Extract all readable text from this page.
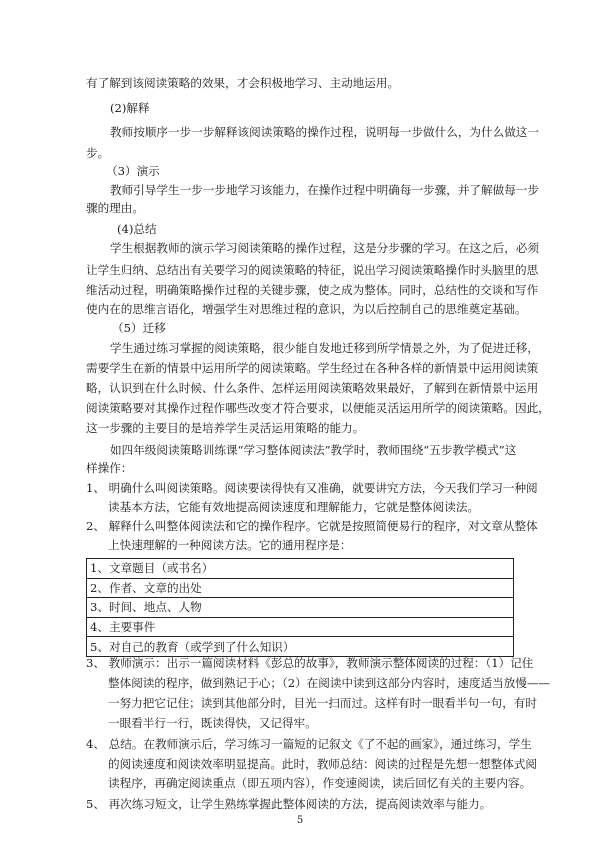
有了解到该阅读策略的效果，才会积极地学习、主动地运用。
(2)解释
教师按顺序一步一步解释该阅读策略的操作过程，说明每一步做什么，为什么做这一
步。
（3）演示
教师引导学生一步一步地学习该能力，在操作过程中明确每一步骤，并了解做每一步
骤的理由。
(4)总结
学生根据教师的演示学习阅读策略的操作过程，这是分步骤的学习。在这之后，必须
让学生归纳、总结出有关要学习的阅读策略的特征，说出学习阅读策略操作时头脑里的思
维活动过程，明确策略操作过程的关键步骤，使之成为整体。同时，总结性的交谈和写作
使内在的思维言语化，增强学生对思维过程的意识，为以后控制自己的思维奠定基础。
（5）迁移
学生通过练习掌握的阅读策略，很少能自发地迁移到所学情景之外，为了促进迁移，
需要学生在新的情景中运用所学的阅读策略。学生经过在各种各样的新情景中运用阅读策
略，认识到在什么时候、什么条件、怎样运用阅读策略效果最好，了解到在新情景中运用
阅读策略要对其操作过程作哪些改变才符合要求，以便能灵活运用所学的阅读策略。因此，
这一步骤的主要目的是培养学生灵活运用策略的能力。
如四年级阅读策略训练课“学习整体阅读法”教学时，教师围绕“五步教学模式”这
样操作：
1、 明确什么叫阅读策略。阅读要读得快有又准确，就要讲究方法，今天我们学习一种阅
读基本方法，它能有效地提高阅读速度和理解能力，它就是整体阅读法。
2、 解释什么叫整体阅读法和它的操作程序。它就是按照简便易行的程序，对文章从整体
上快速理解的一种阅读方法。它的通用程序是：
1、文章题目（或书名）
2、作者、文章的出处
3、时间、地点、人物
4、主要事件
5、对自己的教育（或学到了什么知识）
3、 教师演示：出示一篇阅读材料《彭总的故事》，教师演示整体阅读的过程：（1）记住
整体阅读的程序，做到熟记于心；（2）在阅读中读到这部分内容时，速度适当放慢——
一努力把它记住；读到其他部分时，目光一扫而过。这样有时一眼看半句一句，有时
一眼看半行一行，既读得快，又记得牢。
4、 总结。在教师演示后，学习练习一篇短的记叙文《了不起的画家》，通过练习，学生
的阅读速度和阅读效率明显提高。此时，教师总结：阅读的过程是先想一想整体式阅
读程序，再确定阅读重点（即五项内容），作变速阅读，读后回忆有关的主要内容。
5、 再次练习短文，让学生熟练掌握此整体阅读的方法，提高阅读效率与能力。
5
